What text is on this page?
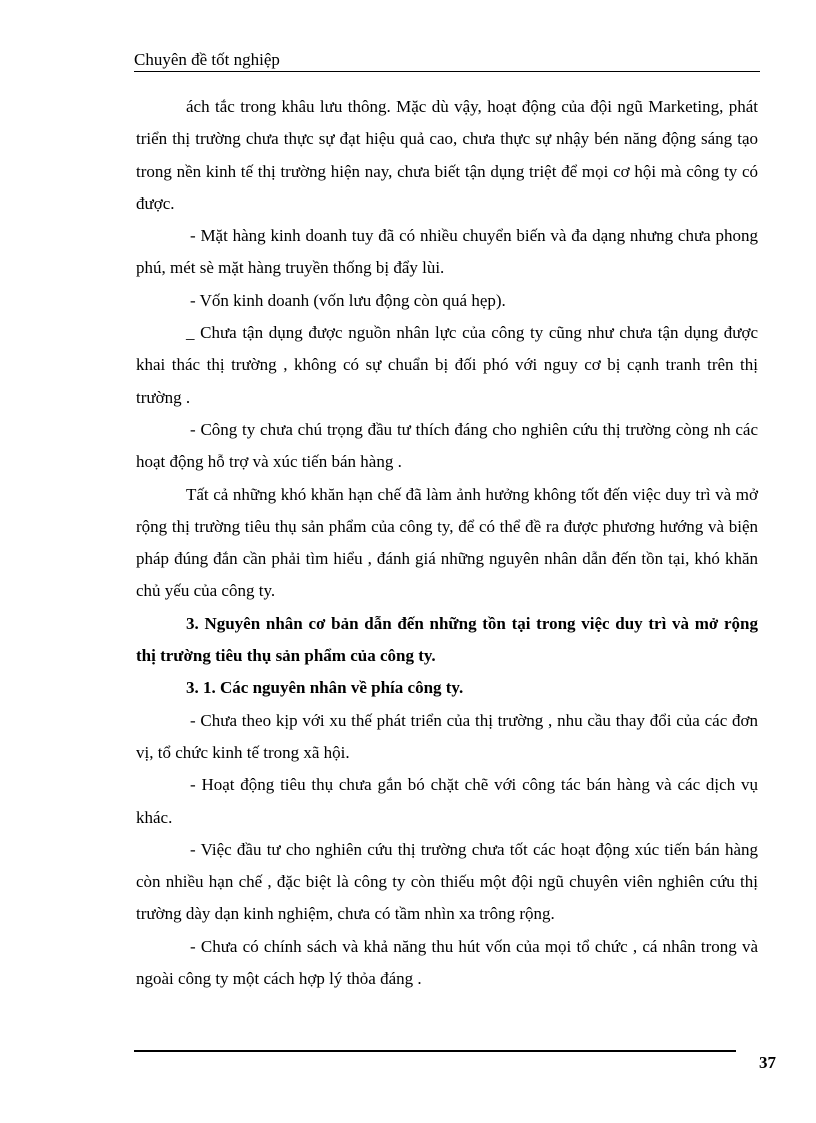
Chuyên đề tốt nghiệp

ách tắc trong khâu lưu thông. Mặc dù vậy, hoạt động của đội ngũ Marketing, phát triển thị trường chưa thực sự đạt hiệu quả cao, chưa thực sự nhậy bén năng động sáng tạo trong nền kinh tế thị trường hiện nay, chưa biết tận dụng triệt để mọi cơ hội mà công ty có được.

- Mặt hàng kinh doanh tuy đã có nhiều chuyển biến và đa dạng nhưng chưa phong phú, mét sè mặt hàng truyền thống bị đẩy lùi.

- Vốn kinh doanh (vốn lưu động còn quá hẹp).

_ Chưa tận dụng được nguồn nhân lực của công ty cũng như chưa tận dụng được khai thác thị trường , không có sự chuẩn bị đối phó với nguy cơ bị cạnh tranh trên thị trường .

- Công ty chưa chú trọng đầu tư thích đáng cho nghiên cứu thị trường còng nh các hoạt động hỗ trợ và xúc tiến bán hàng .

Tất cả những khó khăn hạn chế đã làm ảnh hưởng không tốt đến việc duy trì và mở rộng thị trường tiêu thụ sản phẩm của công ty, để có thể đề ra được phương hướng và biện pháp đúng đắn cần phải tìm hiểu , đánh giá những nguyên nhân dẫn đến tồn tại, khó khăn chủ yếu của công ty.

3. Nguyên nhân cơ bản dẫn đến những tồn tại trong việc duy trì và mở rộng thị trường tiêu thụ sản phẩm của công ty.

3. 1. Các nguyên nhân về phía công ty.

- Chưa theo kịp với xu thế phát triển của thị trường , nhu cầu thay đổi của các đơn vị, tổ chức kinh tế trong xã hội.

- Hoạt động tiêu thụ chưa gắn bó chặt chẽ với công tác bán hàng và các dịch vụ khác.

- Việc đầu tư cho nghiên cứu thị trường chưa tốt các hoạt động xúc tiến bán hàng còn nhiều hạn chế , đặc biệt là công ty còn thiếu một đội ngũ chuyên viên nghiên cứu thị trường dày dạn kinh nghiệm, chưa có tầm nhìn xa trông rộng.

- Chưa có chính sách và khả năng thu hút vốn của mọi tổ chức , cá nhân trong và ngoài công ty một cách hợp lý thỏa đáng .

37
